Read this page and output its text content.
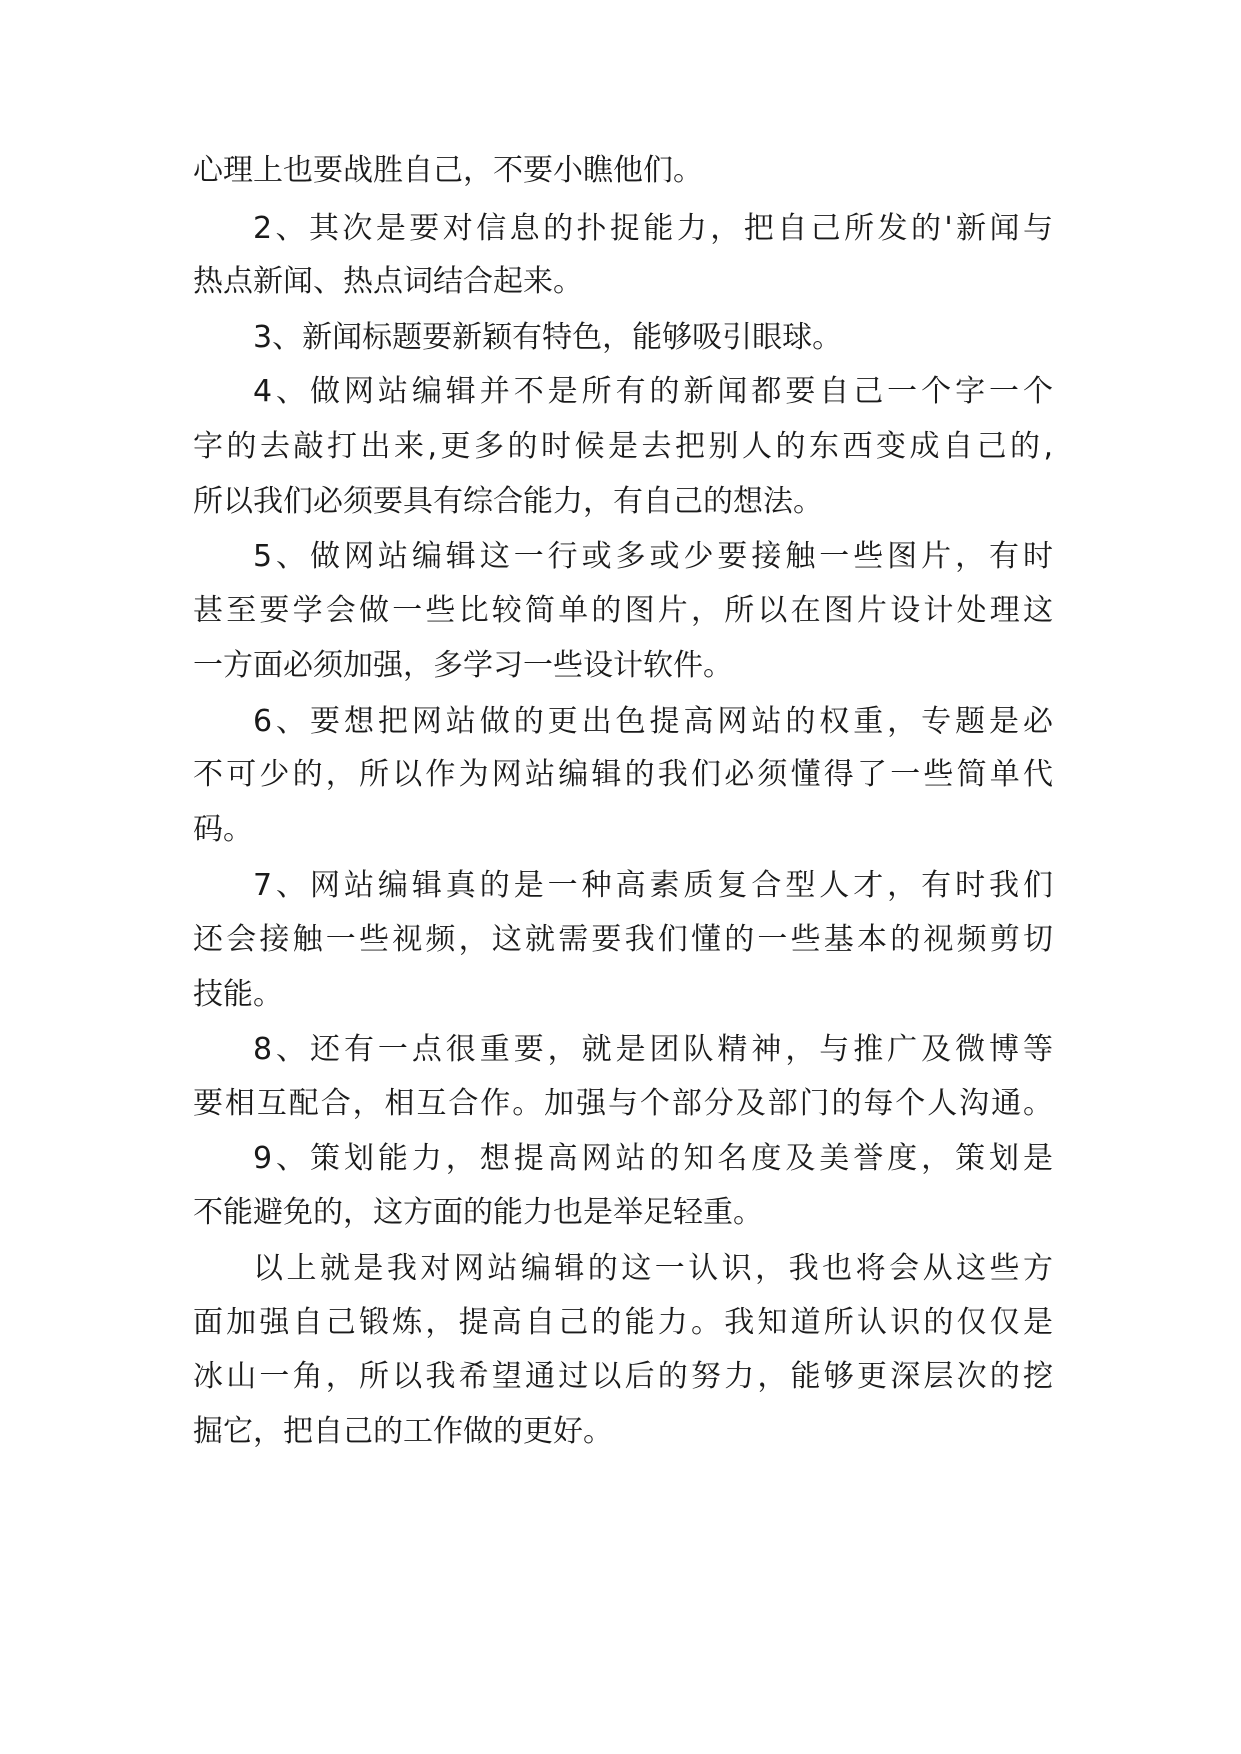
心理上也要战胜自己，不要小瞧他们。
2、其次是要对信息的扑捉能力，把自己所发的'新闻与
热点新闻、热点词结合起来。
3、新闻标题要新颖有特色，能够吸引眼球。
4、做网站编辑并不是所有的新闻都要自己一个字一个
字的去敲打出来,更多的时候是去把别人的东西变成自己的,
所以我们必须要具有综合能力，有自己的想法。
5、做网站编辑这一行或多或少要接触一些图片，有时
甚至要学会做一些比较简单的图片，所以在图片设计处理这
一方面必须加强，多学习一些设计软件。
6、要想把网站做的更出色提高网站的权重，专题是必
不可少的，所以作为网站编辑的我们必须懂得了一些简单代
码。
7、网站编辑真的是一种高素质复合型人才，有时我们
还会接触一些视频，这就需要我们懂的一些基本的视频剪切
技能。
8、还有一点很重要，就是团队精神，与推广及微博等
要相互配合，相互合作。加强与个部分及部门的每个人沟通。
9、策划能力，想提高网站的知名度及美誉度，策划是
不能避免的，这方面的能力也是举足轻重。
以上就是我对网站编辑的这一认识，我也将会从这些方
面加强自己锻炼，提高自己的能力。我知道所认识的仅仅是
冰山一角，所以我希望通过以后的努力，能够更深层次的挖
掘它，把自己的工作做的更好。
